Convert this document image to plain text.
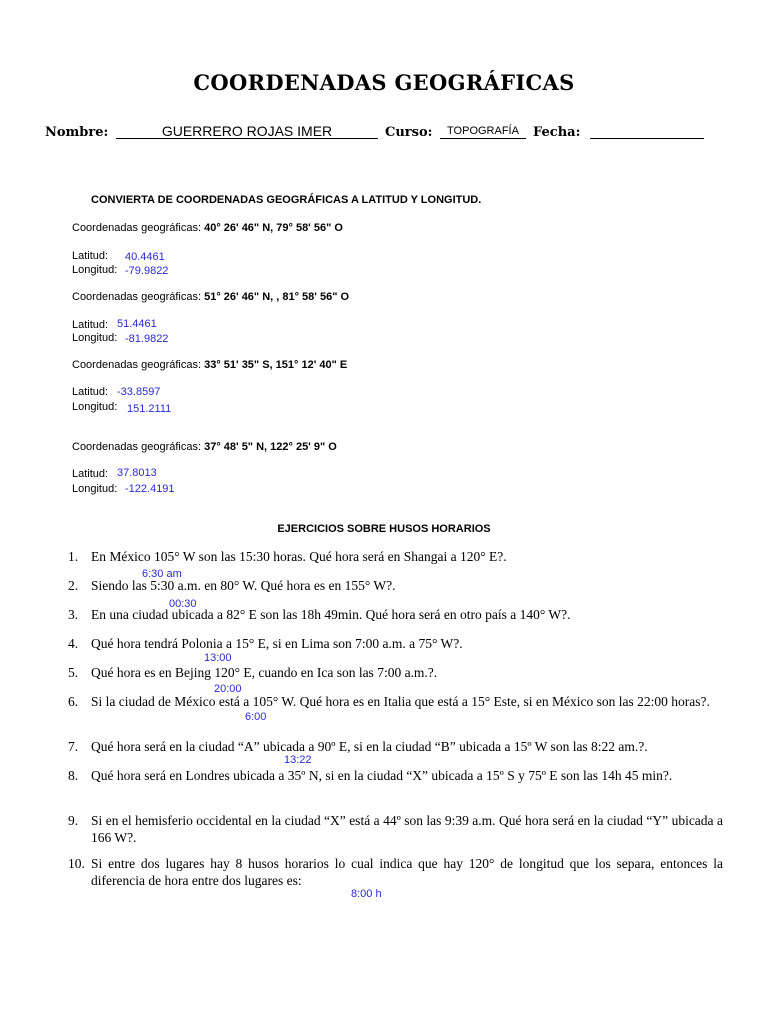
COORDENADAS GEOGRÁFICAS
Nombre:	GUERRERO ROJAS IMER	Curso:	TOPOGRAFÍA	Fecha:
CONVIERTA DE COORDENADAS GEOGRÁFICAS A LATITUD Y LONGITUD.
Coordenadas geográficas: 40° 26' 46" N, 79° 58' 56" O
Latitud: 40.4461
Longitud: -79.9822
Coordenadas geográficas: 51° 26' 46" N, , 81° 58' 56" O
Latitud: 51.4461
Longitud: -81.9822
Coordenadas geográficas: 33° 51' 35" S, 151° 12' 40" E
Latitud: -33.8597
Longitud: 151.2111
Coordenadas geográficas: 37° 48' 5" N, 122° 25' 9" O
Latitud: 37.8013
Longitud: -122.4191
EJERCICIOS SOBRE HUSOS HORARIOS
1. En México 105° W son las 15:30 horas. Qué hora será en Shangai a 120° E?.
6:30 am
2. Siendo las 5:30 a.m. en 80° W. Qué hora es en 155° W?.
00:30
3. En una ciudad ubicada a 82° E son las 18h 49min. Qué hora será en otro país a 140° W?.
4. Qué hora tendrá Polonia a 15° E, si en Lima son 7:00 a.m. a 75° W?.
13:00
5. Qué hora es en Bejing 120° E, cuando en Ica son las 7:00 a.m.?.
20:00
6. Si la ciudad de México está a 105° W. Qué hora es en Italia que está a 15° Este, si en México son las 22:00 horas?.
6:00
7. Qué hora será en la ciudad “A” ubicada a 90º E, si en la ciudad “B” ubicada a 15º W son las 8:22 am.?.
13:22
8. Qué hora será en Londres ubicada a 35º N, si en la ciudad “X” ubicada a 15º S y 75º E son las 14h 45 min?.
9. Si en el hemisferio occidental en la ciudad “X” está a 44º son las 9:39 a.m. Qué hora será en la ciudad “Y” ubicada a 166 W?.
10. Si entre dos lugares hay 8 husos horarios lo cual indica que hay 120° de longitud que los separa, entonces la diferencia de hora entre dos lugares es:
8:00 h
